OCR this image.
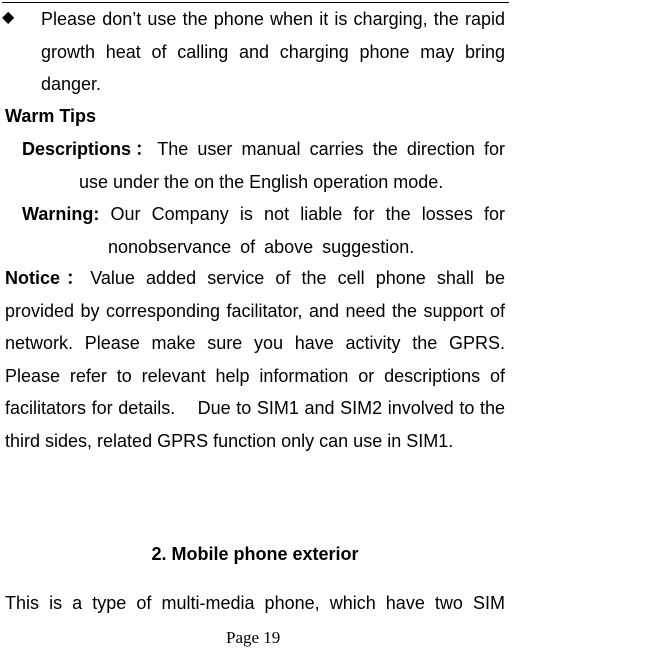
◆ Please don’t use the phone when it is charging, the rapid growth heat of calling and charging phone may bring danger.
Warm Tips
Descriptions：The user manual carries the direction for use under the on the English operation mode.
Warning: Our Company is not liable for the losses for nonobservance of above suggestion.
Notice：Value added service of the cell phone shall be provided by corresponding facilitator, and need the support of network. Please make sure you have activity the GPRS. Please refer to relevant help information or descriptions of facilitators for details.    Due to SIM1 and SIM2 involved to the third sides, related GPRS function only can use in SIM1.
2. Mobile phone exterior
This is a type of multi-media phone, which have two SIM
Page 19
